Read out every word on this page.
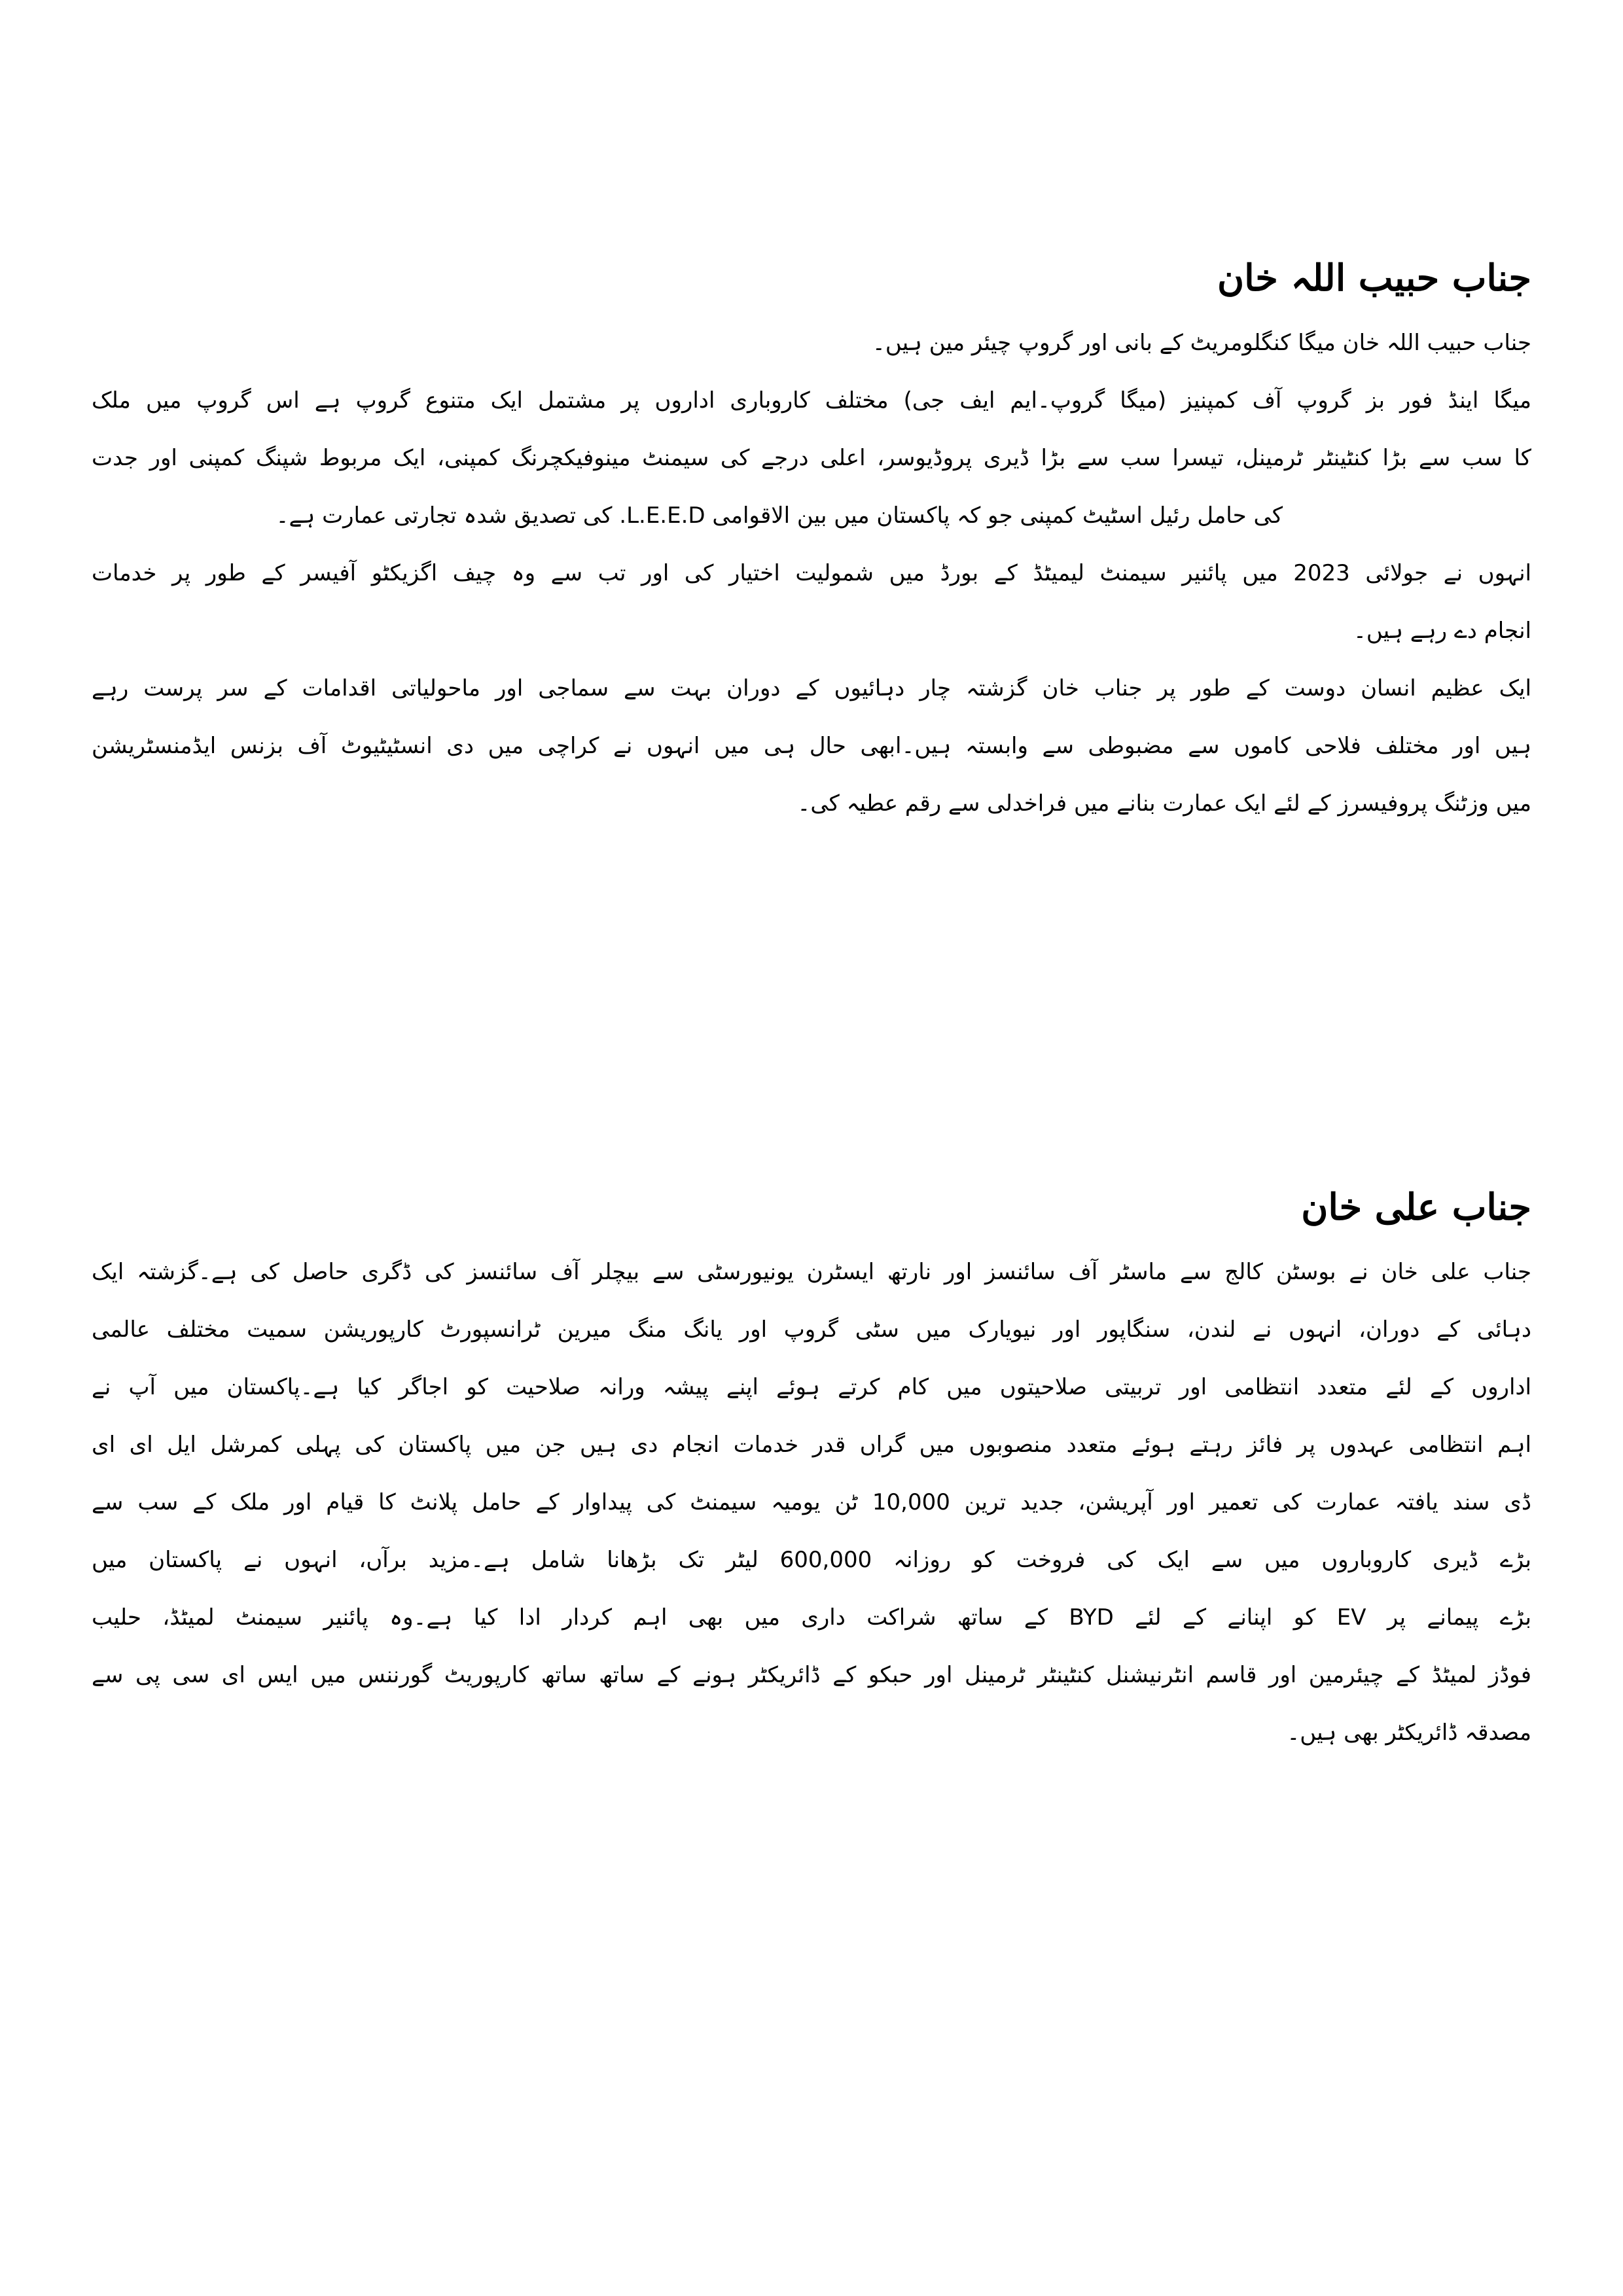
جناب حبیب اللہ خان

جناب حبیب اللہ خان میگا کنگلومریٹ کے بانی اور گروپ چیئر مین ہیں۔

میگا اینڈ فور بز گروپ آف کمپنیز (میگا گروپ۔ایم ایف جی) مختلف کاروباری اداروں پر مشتمل ایک متنوع گروپ ہے اس گروپ میں ملک

کا سب سے بڑا کنٹینٹر ٹرمینل، تیسرا سب سے بڑا ڈیری پروڈیوسر، اعلی درجے کی سیمنٹ مینوفیکچرنگ کمپنی، ایک مربوط شپنگ کمپنی اور جدت

کی حامل رئیل اسٹیٹ کمپنی جو کہ پاکستان میں بین الاقوامی L.E.E.D. کی تصدیق شدہ تجارتی عمارت ہے۔

انہوں نے جولائی 2023 میں پائنیر سیمنٹ لیمیٹڈ کے بورڈ میں شمولیت اختیار کی اور تب سے وہ چیف اگزیکٹو آفیسر کے طور پر خدمات

انجام دے رہے ہیں۔

ایک عظیم انسان دوست کے طور پر جناب خان گزشتہ چار دہائیوں کے دوران بہت سے سماجی اور ماحولیاتی اقدامات کے سر پرست رہے

ہیں اور مختلف فلاحی کاموں سے مضبوطی سے وابستہ ہیں۔ابھی حال ہی میں انہوں نے کراچی میں دی انسٹیٹیوٹ آف بزنس ایڈمنسٹریشن

میں وزٹنگ پروفیسرز کے لئے ایک عمارت بنانے میں فراخدلی سے رقم عطیہ کی۔

جناب علی خان

جناب علی خان نے بوسٹن کالج سے ماسٹر آف سائنسز اور نارتھ ایسٹرن یونیورسٹی سے بیچلر آف سائنسز کی ڈگری حاصل کی ہے۔گزشتہ ایک

دہائی کے دوران، انہوں نے لندن، سنگاپور اور نیویارک میں سٹی گروپ اور یانگ منگ میرین ٹرانسپورٹ کارپوریشن سمیت مختلف عالمی

اداروں کے لئے متعدد انتظامی اور تربیتی صلاحیتوں میں کام کرتے ہوئے اپنے پیشہ ورانہ صلاحیت کو اجاگر کیا ہے۔پاکستان میں آپ نے

اہم انتظامی عہدوں پر فائز رہتے ہوئے متعدد منصوبوں میں گراں قدر خدمات انجام دی ہیں جن میں پاکستان کی پہلی کمرشل ایل ای ای

ڈی سند یافتہ عمارت کی تعمیر اور آپریشن، جدید ترین 10,000 ٹن یومیہ سیمنٹ کی پیداوار کے حامل پلانٹ کا قیام اور ملک کے سب سے

بڑے ڈیری کاروباروں میں سے ایک کی فروخت کو روزانہ 600,000 لیٹر تک بڑھانا شامل ہے۔مزید برآں، انہوں نے پاکستان میں

بڑے پیمانے پر EV کو اپنانے کے لئے BYD کے ساتھ شراکت داری میں بھی اہم کردار ادا کیا ہے۔وہ پائنیر سیمنٹ لمیٹڈ، حلیب

فوڈز لمیٹڈ کے چیئرمین اور قاسم انٹرنیشنل کنٹینٹر ٹرمینل اور حبکو کے ڈائریکٹر ہونے کے ساتھ ساتھ کارپوریٹ گورننس میں ایس ای سی پی سے

مصدقہ ڈائریکٹر بھی ہیں۔
